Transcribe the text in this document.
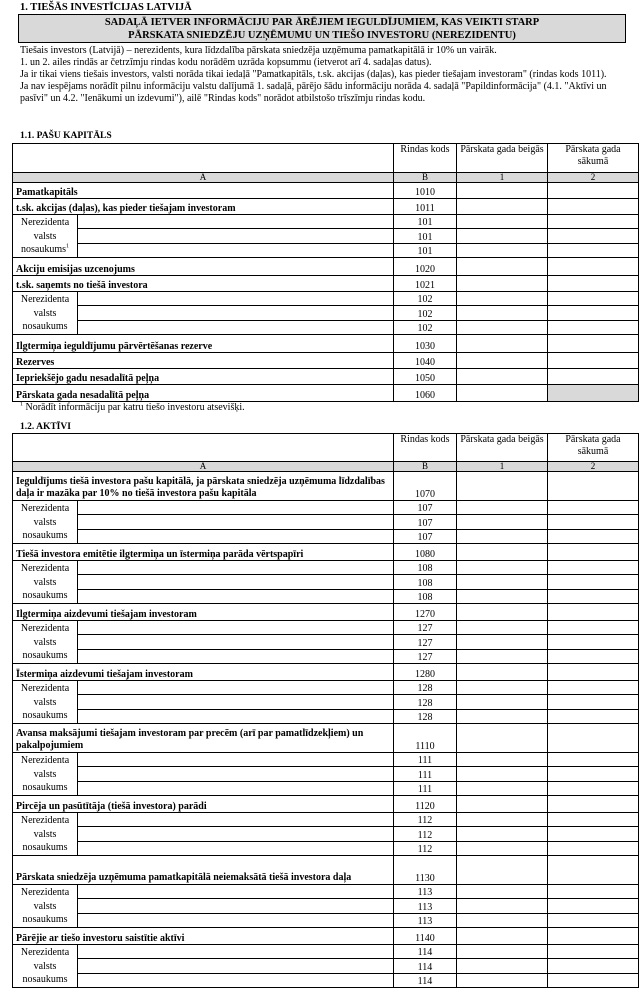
1. TIEŠĀS INVESTĪCIJAS LATVIJĀ
SADAĻĀ IETVER INFORMĀCIJU PAR ĀRĒJIEM IEGULDĪJUMIEM, KAS VEIKTI STARP
PĀRSKATA SNIEDZĒJU UZŅĒMUMU UN TIEŠO INVESTORU (NEREZIDENTU)

Tiešais investors (Latvijā) – nerezidents, kura līdzdalība pārskata sniedzēja uzņēmuma pamatkapitālā ir 10% un vairāk.

1. un 2. ailes rindās ar četrzīmju rindas kodu norādēm uzrāda kopsummu (ietverot arī 4. sadaļas datus).

Ja ir tikai viens tiešais investors, valsti norāda tikai iedaļā "Pamatkapitāls, t.sk. akcijas (daļas), kas pieder tiešajam investoram" (rindas kods 1011).

Ja nav iespējams norādīt pilnu informāciju valstu dalījumā 1. sadaļā, pārējo šādu informāciju norāda 4. sadaļā "Papildinformācija" (4.1. "Aktīvi un pasīvi" un 4.2. "Ienākumi un izdevumi"), ailē "Rindas kods" norādot atbilstošo trīszīmju rindas kodu.

1.1. PAŠU KAPITĀLS
	Rindas kods	Pārskata gada beigās	Pārskata gada sākumā
A	B	1	2
Pamatkapitāls	1010		
t.sk. akcijas (daļas), kas pieder tiešajam investoram	1011		

Nerezidenta
valsts
nosaukums$^1$	101		
	101		
	101		
Akciju emisijas uzcenojums	1020		
t.sk. saņemts no tiešā investora	1021		

Nerezidenta
valsts
nosaukums	102		
	102		
	102		
Ilgtermiņa ieguldījumu pārvērtēšanas rezerve	1030		
Rezerves	1040		
Iepriekšējo gadu nesadalītā peļņa	1050		
Pārskata gada nesadalītā peļņa	1060		
$^1$ Norādīt informāciju par katru tiešo investoru atsevišķi.
1.2. AKTĪVI
	Rindas kods	Pārskata gada beigās	Pārskata gada sākumā
A	B	1	2
Ieguldījums tiešā investora pašu kapitālā, ja pārskata sniedzēja uzņēmuma līdzdalības daļa ir mazāka par 10% no tiešā investora pašu kapitāla	1070		

Nerezidenta
valsts
nosaukums	107		
	107		
	107		
Tiešā investora emitētie ilgtermiņa un īstermiņa parāda vērtspapīri	1080		

Nerezidenta
valsts
nosaukums	108		
	108		
	108		
Ilgtermiņa aizdevumi tiešajam investoram	1270		

Nerezidenta
valsts
nosaukums	127		
	127		
	127		
Īstermiņa aizdevumi tiešajam investoram	1280		

Nerezidenta
valsts
nosaukums	128		
	128		
	128		
Avansa maksājumi tiešajam investoram par precēm (arī par pamatlīdzekļiem) un pakalpojumiem	1110		

Nerezidenta
valsts
nosaukums	111		
	111		
	111		
Pircēja un pasūtītāja (tiešā investora) parādi	1120		

Nerezidenta
valsts
nosaukums	112		
	112		
	112		
Pārskata sniedzēja uzņēmuma pamatkapitālā neiemaksātā tiešā investora daļa	1130		

Nerezidenta
valsts
nosaukums	113		
	113		
	113		
Pārējie ar tiešo investoru saistītie aktīvi	1140		

Nerezidenta
valsts
nosaukums	114		
	114		
	114		
